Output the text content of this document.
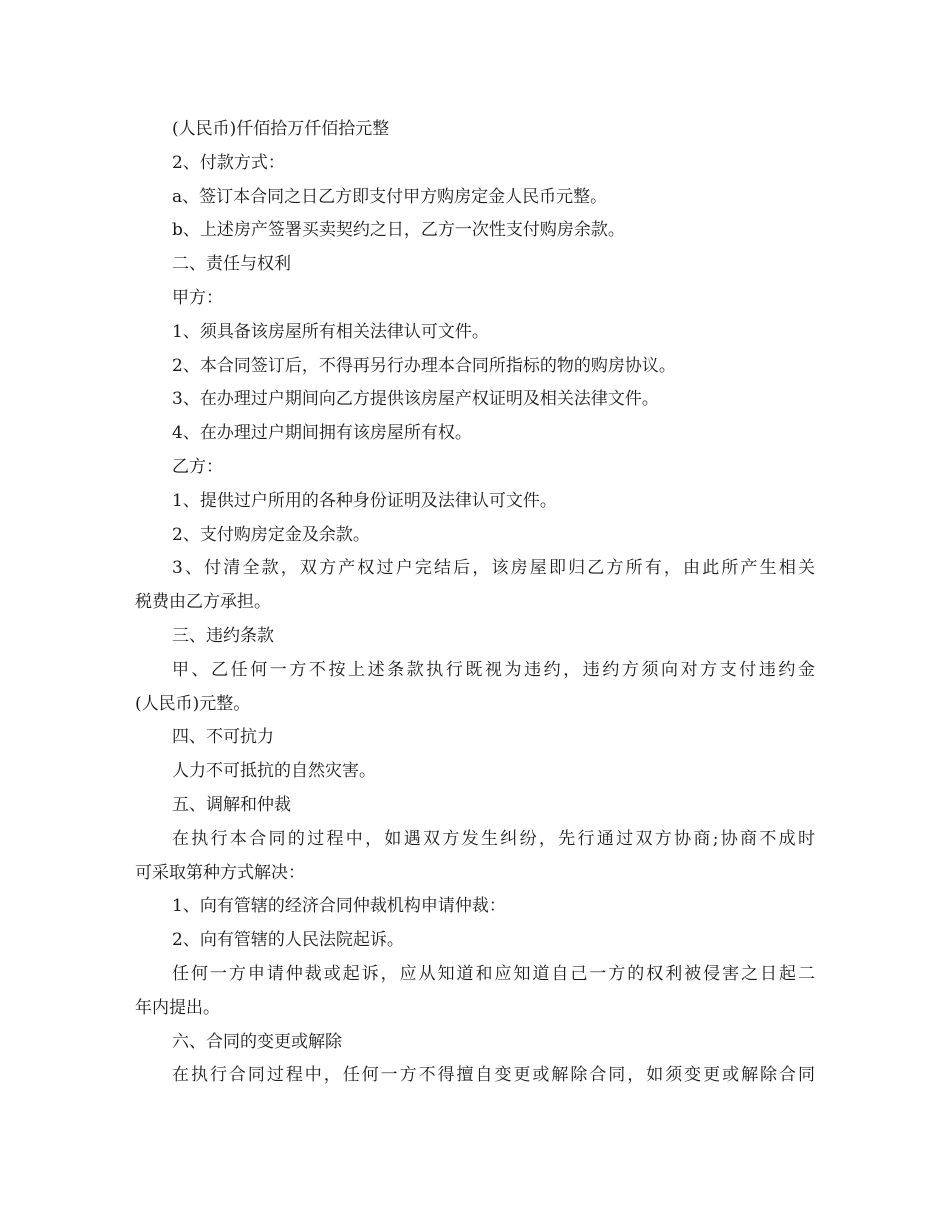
(人民币)仟佰拾万仟佰拾元整
2、付款方式：
a、签订本合同之日乙方即支付甲方购房定金人民币元整。
b、上述房产签署买卖契约之日，乙方一次性支付购房余款。
二、责任与权利
甲方：
1、须具备该房屋所有相关法律认可文件。
2、本合同签订后，不得再另行办理本合同所指标的物的购房协议。
3、在办理过户期间向乙方提供该房屋产权证明及相关法律文件。
4、在办理过户期间拥有该房屋所有权。
乙方：
1、提供过户所用的各种身份证明及法律认可文件。
2、支付购房定金及余款。
3、付清全款，双方产权过户完结后，该房屋即归乙方所有，由此所产生相关
税费由乙方承担。
三、违约条款
甲、乙任何一方不按上述条款执行既视为违约，违约方须向对方支付违约金
(人民币)元整。
四、不可抗力
人力不可抵抗的自然灾害。
五、调解和仲裁
在执行本合同的过程中，如遇双方发生纠纷，先行通过双方协商;协商不成时
可采取第种方式解决：
1、向有管辖的经济合同仲裁机构申请仲裁：
2、向有管辖的人民法院起诉。
任何一方申请仲裁或起诉，应从知道和应知道自己一方的权利被侵害之日起二
年内提出。
六、合同的变更或解除
在执行合同过程中，任何一方不得擅自变更或解除合同，如须变更或解除合同
